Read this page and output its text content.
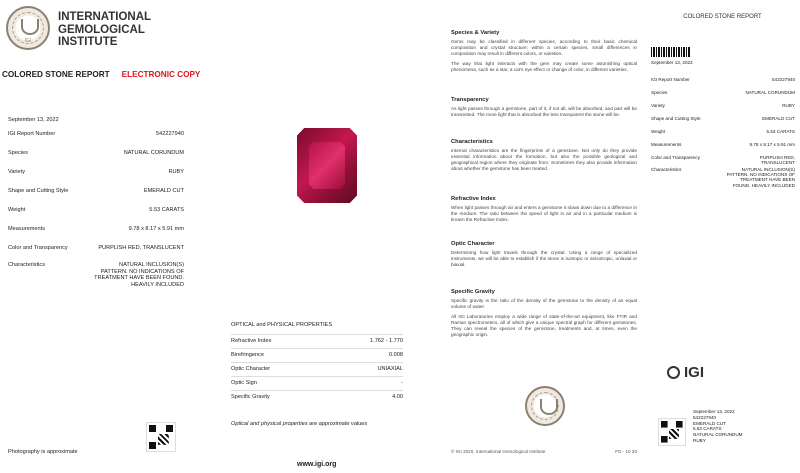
IGI
INTERNATIONAL
GEMOLOGICAL
INSTITUTE
COLORED STONE REPORT ELECTRONIC COPY
September 13, 2022
IGI Report Number	542227940
Species	NATURAL CORUNDUM
Variety	RUBY
Shape and Cutting Style	EMERALD CUT
Weight	5.53 CARATS
Measurements	9.78 x 8.17 x 5.91 mm
Color and Transparency	PURPLISH RED, TRANSLUCENT
Characteristics	NATURAL INCLUSION(S) PATTERN. NO INDICATIONS OF TREATMENT HAVE BEEN FOUND. HEAVILY INCLUDED
Photography is approximate
OPTICAL and PHYSICAL PROPERTIES
Refractive Index	1.762 - 1.770
Birefringence	0.008
Optic Character	UNIAXIAL
Optic Sign	-
Specific Gravity	4.00
Optical and physical properties are approximate values
www.igi.org
Species & Variety

Gems may be classified in different species, according to their basic chemical composition and crystal structure; within a certain species, small differences in composition may result in different colors, or varieties.

The way that light interacts with the gem may create some astonishing optical phenomena, such as a star, a cat's eye effect or change of color, in different varieties.

Transparency

As light passes through a gemstone, part of it, if not all, will be absorbed, and part will be transmitted. The more light that is absorbed the less transparent the stone will be.

Characteristics

Internal characteristics are the fingerprints of a gemstone. Not only do they provide essential information about the formation, but also the possible geological and geographical region where they originate from. Sometimes they also provide information about whether the gemstone has been treated.

Refractive Index

When light passes through air and enters a gemstone it slows down due to a difference in the medium. The ratio between the speed of light in air and in a particular medium is known the Refractive Index.

Optic Character

Determining how light travels through the crystal. Using a range of specialized instruments, we will be able to establish if the stone is isotropic or anisotropic, uniaxial or biaxial.

Specific Gravity

Specific gravity is the ratio of the density of the gemstone to the density of an equal volume of water.

All IGI Laboratories employ a wide range of state-of-the-art equipment, like FTIR and Raman spectrometers, all of which give a unique spectral graph for different gemstones. They can reveal the species of the gemstone, treatments and, at times, even the geographic origin.

© IGI 2020, International Gemological Institute	FD - 10 20
COLORED STONE REPORT
September 13, 2022
IGI Report Number	542227940
Species	NATURAL CORUNDUM
Variety	RUBY
Shape and Cutting Style	EMERALD CUT
Weight	5.53 CARATS
Measurements	9.78 x 8.17 x 5.91 mm
Color and Transparency	PURPLISH RED, TRANSLUCENT
Characteristics	NATURAL INCLUSION(S) PATTERN. NO INDICATIONS OF TREATMENT HAVE BEEN FOUND. HEAVILY INCLUDED
IGI
September 13, 2022
542227940
EMERALD CUT
5.53 CARATS
NATURAL CORUNDUM
RUBY
